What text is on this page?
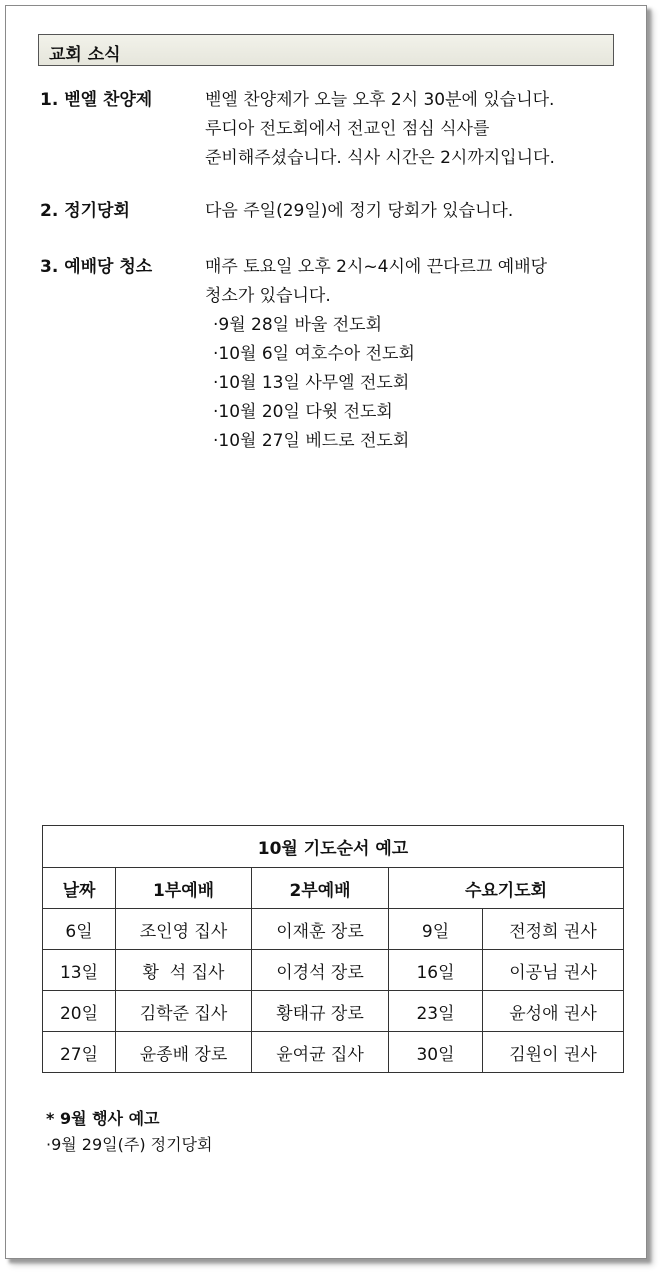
교회 소식
1. 벧엘 찬양제	벧엘 찬양제가 오늘 오후 2시 30분에 있습니다.
루디아 전도회에서 전교인 점심 식사를
준비해주셨습니다. 식사 시간은 2시까지입니다.
2. 정기당회	다음 주일(29일)에 정기 당회가 있습니다.
3. 예배당 청소	매주 토요일 오후 2시~4시에 끈다르끄 예배당
청소가 있습니다.
·9월 28일 바울 전도회
·10월 6일 여호수아 전도회
·10월 13일 사무엘 전도회
·10월 20일 다윗 전도회
·10월 27일 베드로 전도회
10월 기도순서 예고				
날짜	1부예배	2부예배	수요기도회	
6일	조인영 집사	이재훈 장로	9일	전정희 권사
13일	황  석 집사	이경석 장로	16일	이공님 권사
20일	김학준 집사	황태규 장로	23일	윤성애 권사
27일	윤종배 장로	윤여균 집사	30일	김원이 권사
* 9월 행사 예고
·9월 29일(주) 정기당회
